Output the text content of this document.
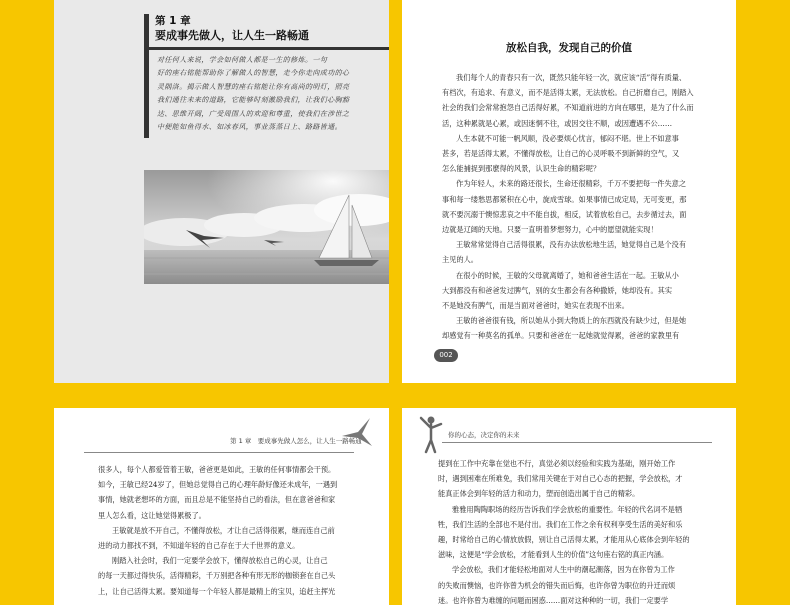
第 1 章
要成事先做人，让人生一路畅通
对任何人来说，学会如何做人都是一生的修炼。一句
好的座右铭能帮助你了解做人的智慧，走今你走向成功的心
灵隅洛。揭示做人智慧的座右铭能让你有高尚的明灯，照亮
我们通往未来的道路，它能够时刻激励我们，让我们心胸豁
达、思维开阔，广受周围人的欢迎和尊重，使我们在涉世之
中便能如鱼得水、如冰春风，事业蒸蒸日上、路路皆通。
放松自我，发现自己的价值
我们每个人的青春只有一次，既然只能年轻一次，就应该“活”得有质量、
有档次，有追求、有意义，而不是活得太累，无法放松。自己折磨自己，刚踏入
社会的我们会常常抱怨自己活得好累，不知道前进的方向在哪里，是为了什么而
活，这种累就是心累，或因迷惘不往，或因交往不顺，或因遭遇不公……
人生本就不可能一帆风顺，没必要烦心忧言，郁闷不堪。世上不如意事
甚多，若是活得太累，不懂得放松，让自己的心灵呼吸不到新鲜的空气，又
怎么能捕捉到那麽得的风景，认识生命的精彩呢？
作为年轻人，未来的路还很长，生命还很精彩，千万不要把每一件失意之
事和每一缕愁思都紧积在心中，旋成雪球。如果事情已成定局，无可变更，那
就不要沉溺于懊惊悲哀之中不能自拔，相反，试着放松自己，去步循过去，面
边就是辽阔的天地。只要一直明着梦想努力，心中的愿望就能实现！
王敏常常觉得自己活得很累，没有办法放松地生活，她觉得自己是个没有
主见的人。
在很小的时候，王敏的父母就离婚了，她和爸爸生活在一起。王敏从小
大到都没有和爸爸发过脾气，别的女生都会有各种撒娇，她却没有。其实
不是她没有脾气，而是当面对爸爸时，她实在表现不出来。
王敏的爸爸很有钱，所以她从小到大物质上的东西就没有缺少过，但是她
却感觉有一种莫名的孤单。只要和爸爸在一起她就觉得累，爸爸的家教里有
002
第 1 章　要成事先做人怎么，让人生一路畅通
很多人，每个人都爱管着王敏，爸爸更是如此，王敏的任何事情都会干预。
如今，王敏已经24岁了，但她总觉得自己的心理年龄好像还未成年，一遇到
事情，她就老想坏的方面，而且总是不能坚持自己的看法，但在意爸爸和家
里人怎么看，这让她觉得累极了。
王敏就是放不开自己，不懂得放松，才让自己活得很累，继而连自己前
进的动力都找不到，不知道年轻的自己存在于大千世界的意义。
刚踏入社会时，我们一定要学会放下，懂得放松自己的心灵，让自己
的每一天都过得快乐，活得精彩，千万别把各种有形无形的枷锁套在自己头
上，让自己活得太累。要知道每一个年轻人都是最精上的宝贝，追赶主挥光
你的心态，决定你的未来
提到在工作中充靠在觉也不行，真觉必须以经验和实践为基础，刚开始工作
时，遇到困难在所难免，我们常用关键在于对自己心态的把握，学会放松，才
能真正体会到年轻的活力和动力，塑而创造出属于自己的精彩。
雅雅用陶陶职场的经历告诉我们学会放松的重要性。年轻的代名词不是牺
牲，我们生活的全部也不是付出。我们在工作之余有权利享受生活的美好和乐
趣，时常给自己的心情放放假，别让自己活得太累，才能用从心底体会到年轻的
滋味，这便是“学会放松，才能看到人生的价值”这句座右铭的真正内涵。
学会放松，我们才能轻松地面对人生中的潮起潮落，因为在你曾为工作
的失败而懊恼，也许你曾为机会的错失而后悔，也许你曾为职位的升迁而烦
迷。也许你曾为难缠的问题而困惑……面对这种种的一切，我们一定要学
